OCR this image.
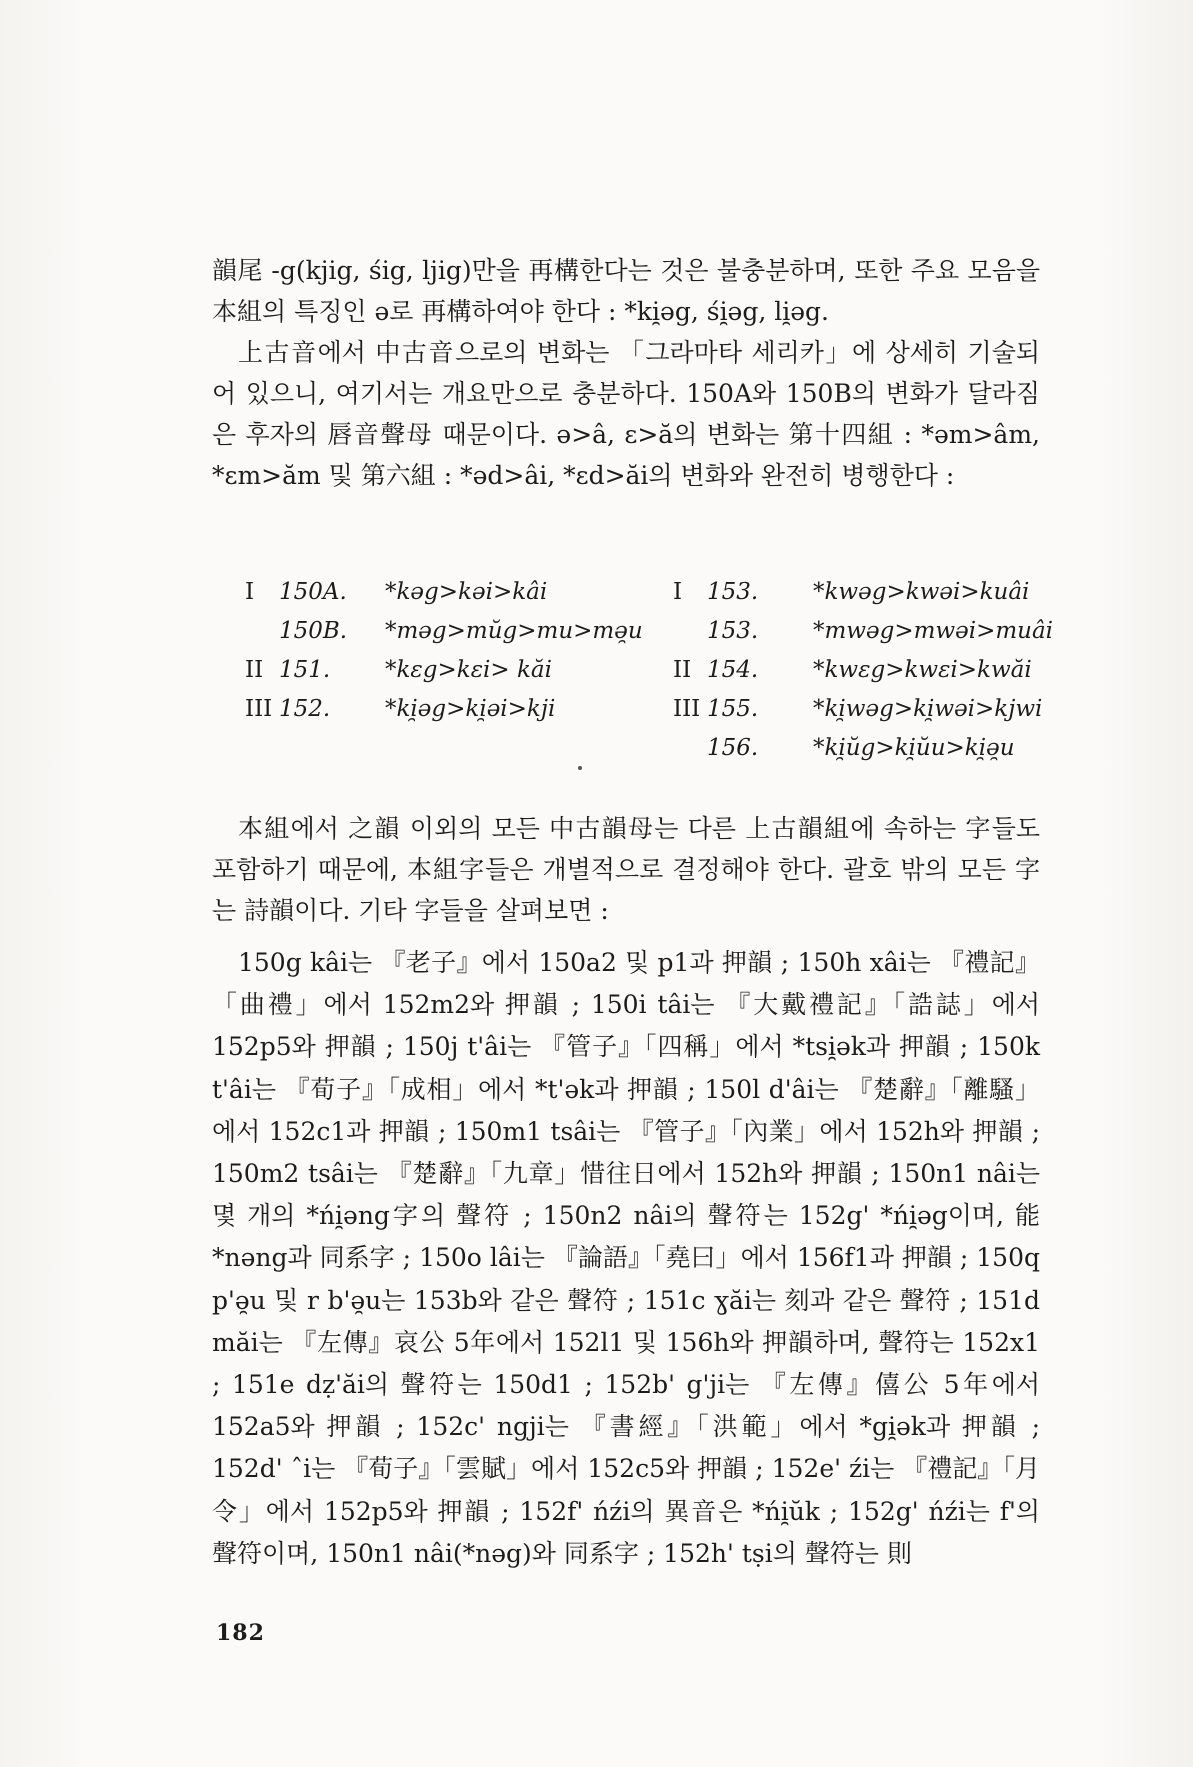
韻尾 -g(kjig, śig, ljig)만을 再構한다는 것은 불충분하며, 또한 주요 모음을 本組의 특징인 ə로 再構하여야 한다 : *ki̯əg, śi̯əg, li̯əg.

上古音에서 中古音으로의 변화는 「그라마타 세리카」에 상세히 기술되어 있으니, 여기서는 개요만으로 충분하다. 150A와 150B의 변화가 달라짐은 후자의 唇音聲母 때문이다. ə>â, ɛ>ă의 변화는 第十四組 : *əm>âm, *ɛm>ăm 및 第六組 : *əd>âi, *ɛd>ăi의 변화와 완전히 병행한다 :

I	150A. *kəg>kəi>kâi
150B. *məg>mŭg>mu>mə̯u
II 151. *kɛg>kɛi> kăi
III 152. *ki̯əg>ki̯əi>kji
I	153. *kwəg>kwəi>kuâi
153. *mwəg>mwəi>muâi
II 154. *kwɛg>kwɛi>kwăi
III 155. *ki̯wəg>ki̯wəi>kjwi
156. *ki̯ŭg>ki̯ŭu>ki̯ə̯u

本組에서 之韻 이외의 모든 中古韻母는 다른 上古韻組에 속하는 字들도 포함하기 때문에, 本組字들은 개별적으로 결정해야 한다. 괄호 밖의 모든 字는 詩韻이다. 기타 字들을 살펴보면 :

150g kâi는 『老子』에서 150a2 및 p1과 押韻 ; 150h xâi는 『禮記』「曲禮」에서 152m2와 押韻 ; 150i tâi는 『大戴禮記』「誥誌」에서 152p5와 押韻 ; 150j t'âi는 『管子』「四稱」에서 *tsi̯ək과 押韻 ; 150k t'âi는 『荀子』「成相」에서 *t'ək과 押韻 ; 150l d'âi는 『楚辭』「離騷」에서 152c1과 押韻 ; 150m1 tsâi는 『管子』「內業」에서 152h와 押韻 ; 150m2 tsâi는 『楚辭』「九章」惜往日에서 152h와 押韻 ; 150n1 nâi는 몇 개의 *ńi̯əng字의 聲符 ; 150n2 nâi의 聲符는 152g' *ńi̯əg이며, 能 *nəng과 同系字 ; 150o lâi는 『論語』「堯曰」에서 156f1과 押韻 ; 150q p'ə̯u 및 r b'ə̯u는 153b와 같은 聲符 ; 151c ɣăi는 刻과 같은 聲符 ; 151d măi는 『左傳』哀公 5年에서 152l1 및 156h와 押韻하며, 聲符는 152x1 ; 151e dẓ'ăi의 聲符는 150d1 ; 152b' g'ji는 『左傳』僖公 5年에서 152a5와 押韻 ; 152c' ngji는 『書經』「洪範」에서 *gi̯ək과 押韻 ; 152d' ˆi는 『荀子』「雲賦」에서 152c5와 押韻 ; 152e' źi는 『禮記』「月令」에서 152p5와 押韻 ; 152f' ńźi의 異音은 *ńi̯ŭk ; 152g' ńźi는 f'의 聲符이며, 150n1 nâi(*nəg)와 同系字 ; 152h' tṣi의 聲符는 則

182
